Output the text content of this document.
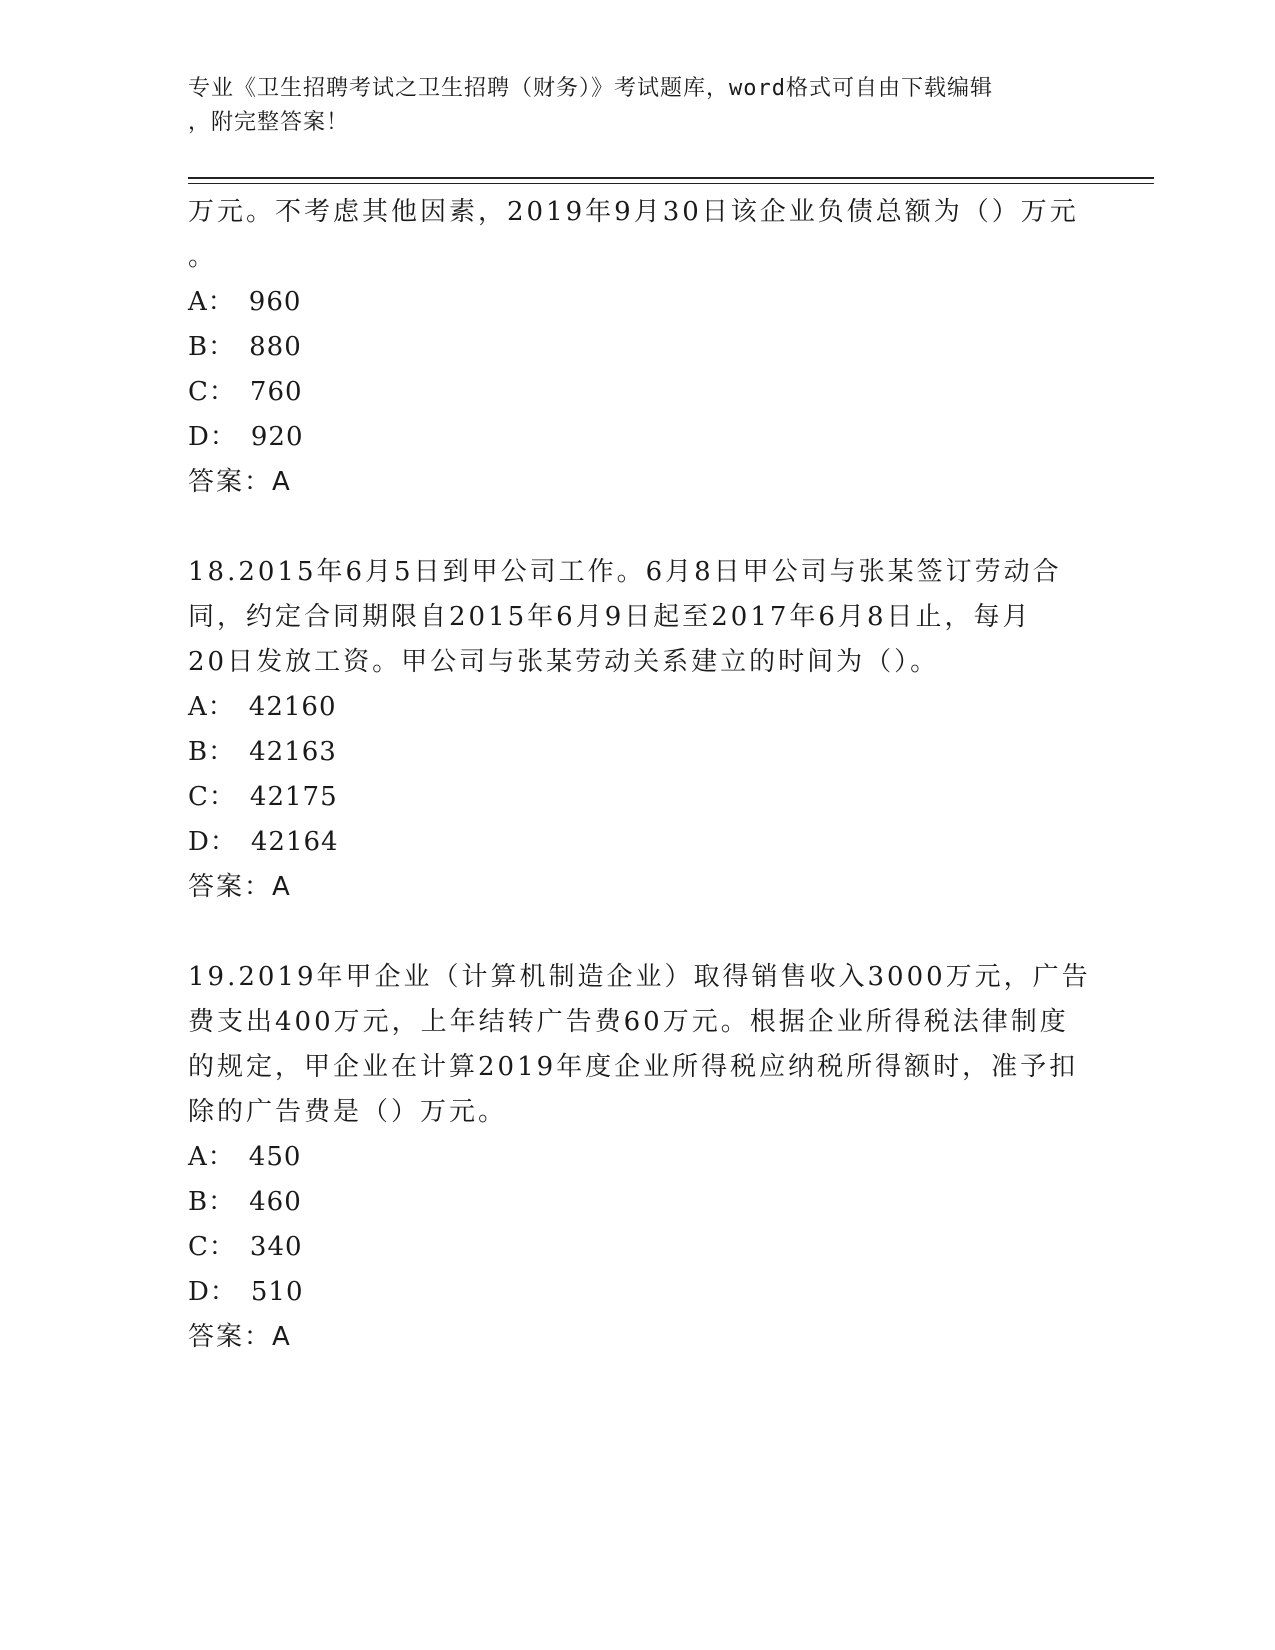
专业《卫生招聘考试之卫生招聘（财务）》考试题库，word格式可自由下载编辑
，附完整答案！
万元。不考虑其他因素，2019年9月30日该企业负债总额为（）万元
。
A： 960
B： 880
C： 760
D： 920
答案：A
18.2015年6月5日到甲公司工作。6月8日甲公司与张某签订劳动合
同，约定合同期限自2015年6月9日起至2017年6月8日止，每月
20日发放工资。甲公司与张某劳动关系建立的时间为（）。
A： 42160
B： 42163
C： 42175
D： 42164
答案：A
19.2019年甲企业（计算机制造企业）取得销售收入3000万元，广告
费支出400万元，上年结转广告费60万元。根据企业所得税法律制度
的规定，甲企业在计算2019年度企业所得税应纳税所得额时，准予扣
除的广告费是（）万元。
A： 450
B： 460
C： 340
D： 510
答案：A
